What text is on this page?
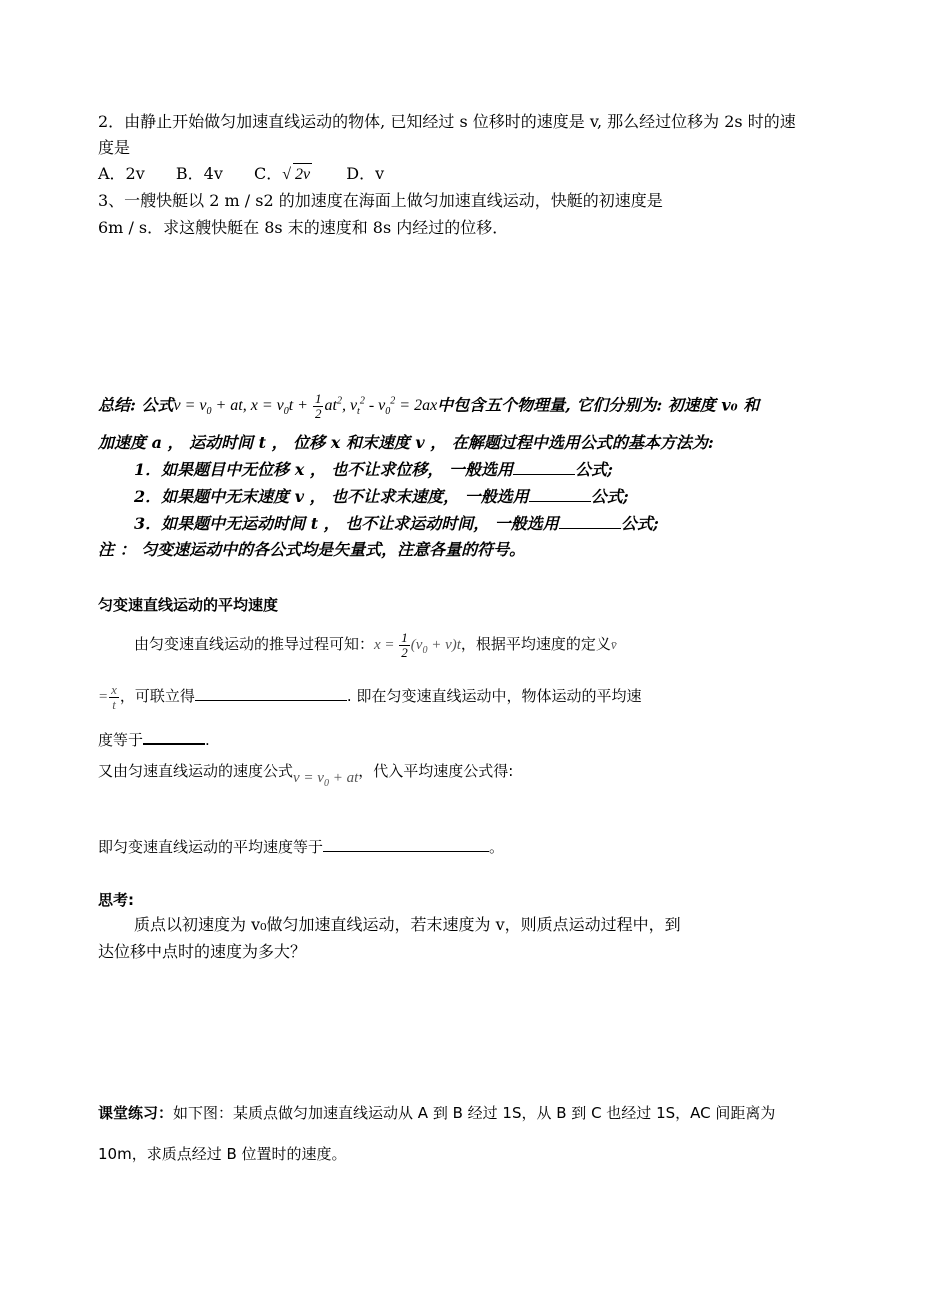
2．由静止开始做匀加速直线运动的物体, 已知经过 s 位移时的速度是 v, 那么经过位移为 2s 时的速
度是
A．2v B．4v C．√ 2v D．v
3、一艘快艇以 2 m / s2 的加速度在海面上做匀加速直线运动，快艇的初速度是
6m / s．求这艘快艇在 8s 末的速度和 8s 内经过的位移．
总结: 公式$v = v_0$ + at, $x = v_0t + \frac{1}{2} at^2$, $v_t^2 - v_0^2 = 2ax$中包含五个物理量, 它们分别为: 初速度 v₀ 和
加速度 a ， 运动时间 t ， 位移 x 和末速度 v ， 在解题过程中选用公式的基本方法为:
1．如果题目中无位移 x ， 也不让求位移， 一般选用	公式;
2．如果题中无末速度 v ， 也不让求末速度， 一般选用	公式;
3．如果题中无运动时间 t ， 也不让求运动时间， 一般选用	公式;
注 ： 匀变速运动中的各公式均是矢量式，注意各量的符号。
匀变速直线运动的平均速度
由匀变速直线运动的推导过程可知：$x = \frac{1}{2} (v_0 + v)t$，根据平均速度的定义v̄
= $\frac{x}{t}$ ，可联立得	. 即在匀变速直线运动中，物体运动的平均速
度等于	.
又由匀速直线运动的速度公式$v = v_0$ + at，代入平均速度公式得:
即匀变速直线运动的平均速度等于	。
思考:
质点以初速度为 v₀做匀加速直线运动，若末速度为 v，则质点运动过程中，到
达位移中点时的速度为多大？
课堂练习：如下图：某质点做匀加速直线运动从 A 到 B 经过 1S，从 B 到 C 也经过 1S，AC 间距离为
10m，求质点经过 B 位置时的速度。
